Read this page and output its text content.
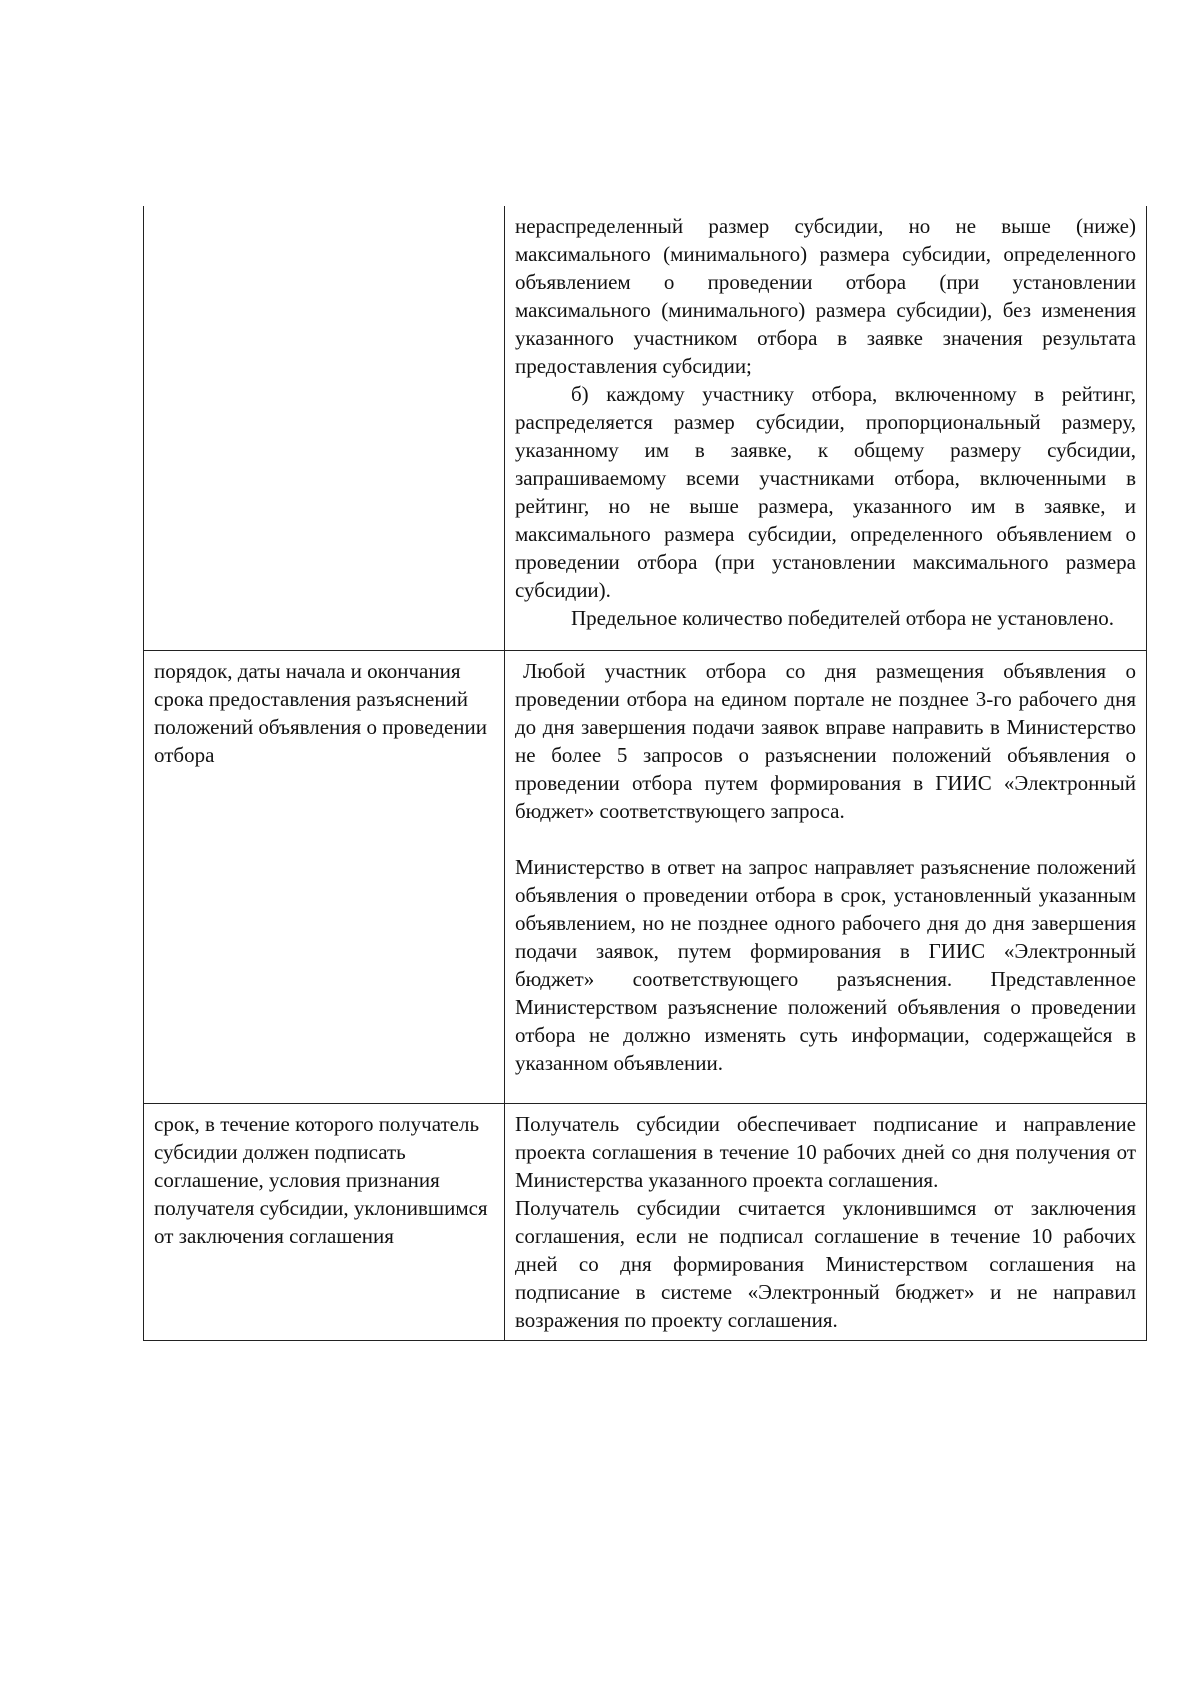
	нераспределенный размер субсидии, но не выше (ниже) максимального (минимального) размера субсидии, определенного объявлением о проведении отбора (при установлении максимального (минимального) размера субсидии), без изменения указанного участником отбора в заявке значения результата предоставления субсидии;

б) каждому участнику отбора, включенному в рейтинг, распределяется размер субсидии, пропорциональный размеру, указанному им в заявке, к общему размеру субсидии, запрашиваемому всеми участниками отбора, включенными в рейтинг, но не выше размера, указанного им в заявке, и максимального размера субсидии, определенного объявлением о проведении отбора (при установлении максимального размера субсидии).

Предельное количество победителей отбора не установлено.

порядок, даты начала и окончания срока предоставления разъяснений положений объявления о проведении отбора	Любой участник отбора со дня размещения объявления о проведении отбора на едином портале не позднее 3-го рабочего дня до дня завершения подачи заявок вправе направить в Министерство не более 5 запросов о разъяснении положений объявления о проведении отбора путем формирования в ГИИС «Электронный бюджет» соответствующего запроса.

Министерство в ответ на запрос направляет разъяснение положений объявления о проведении отбора в срок, установленный указанным объявлением, но не позднее одного рабочего дня до дня завершения подачи заявок, путем формирования в ГИИС «Электронный бюджет» соответствующего разъяснения. Представленное Министерством разъяснение положений объявления о проведении отбора не должно изменять суть информации, содержащейся в указанном объявлении.

срок, в течение которого получатель субсидии должен подписать соглашение, условия признания получателя субсидии, уклонившимся от заключения соглашения	Получатель субсидии обеспечивает подписание и направление проекта соглашения в течение 10 рабочих дней со дня получения от Министерства указанного проекта соглашения.

Получатель субсидии считается уклонившимся от заключения соглашения, если не подписал соглашение в течение 10 рабочих дней со дня формирования Министерством соглашения на подписание в системе «Электронный бюджет» и не направил возражения по проекту соглашения.
